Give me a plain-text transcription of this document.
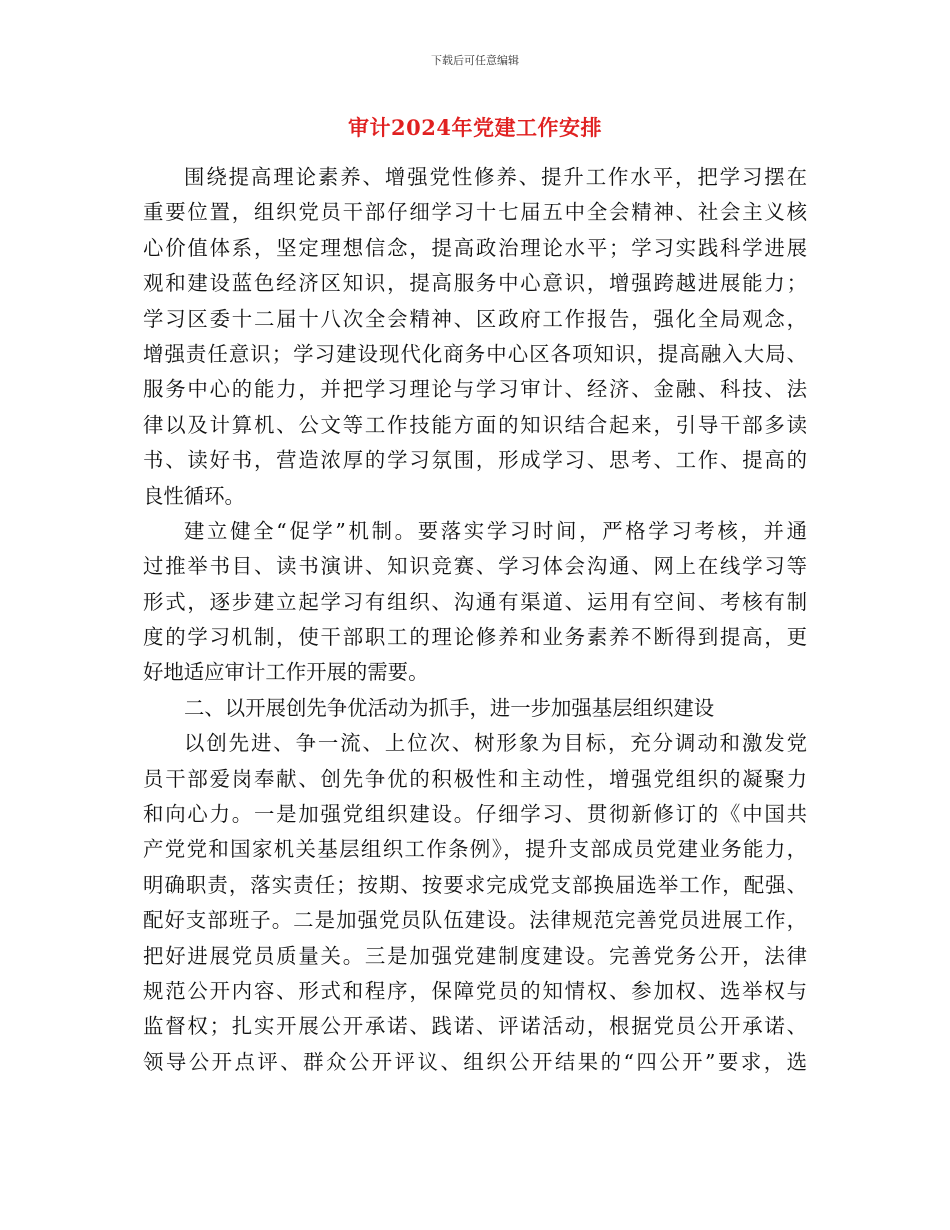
下载后可任意编辑
审计2024年党建工作安排
围绕提高理论素养、增强党性修养、提升工作水平，把学习摆在
重要位置，组织党员干部仔细学习十七届五中全会精神、社会主义核
心价值体系，坚定理想信念，提高政治理论水平；学习实践科学进展
观和建设蓝色经济区知识，提高服务中心意识，增强跨越进展能力；
学习区委十二届十八次全会精神、区政府工作报告，强化全局观念，
增强责任意识；学习建设现代化商务中心区各项知识，提高融入大局、
服务中心的能力，并把学习理论与学习审计、经济、金融、科技、法
律以及计算机、公文等工作技能方面的知识结合起来，引导干部多读
书、读好书，营造浓厚的学习氛围，形成学习、思考、工作、提高的
良性循环。
建立健全“促学”机制。要落实学习时间，严格学习考核，并通
过推举书目、读书演讲、知识竞赛、学习体会沟通、网上在线学习等
形式，逐步建立起学习有组织、沟通有渠道、运用有空间、考核有制
度的学习机制，使干部职工的理论修养和业务素养不断得到提高，更
好地适应审计工作开展的需要。
二、以开展创先争优活动为抓手，进一步加强基层组织建设
以创先进、争一流、上位次、树形象为目标，充分调动和激发党
员干部爱岗奉献、创先争优的积极性和主动性，增强党组织的凝聚力
和向心力。一是加强党组织建设。仔细学习、贯彻新修订的《中国共
产党党和国家机关基层组织工作条例》，提升支部成员党建业务能力，
明确职责，落实责任；按期、按要求完成党支部换届选举工作，配强、
配好支部班子。二是加强党员队伍建设。法律规范完善党员进展工作，
把好进展党员质量关。三是加强党建制度建设。完善党务公开，法律
规范公开内容、形式和程序，保障党员的知情权、参加权、选举权与
监督权；扎实开展公开承诺、践诺、评诺活动，根据党员公开承诺、
领导公开点评、群众公开评议、组织公开结果的“四公开”要求，选
